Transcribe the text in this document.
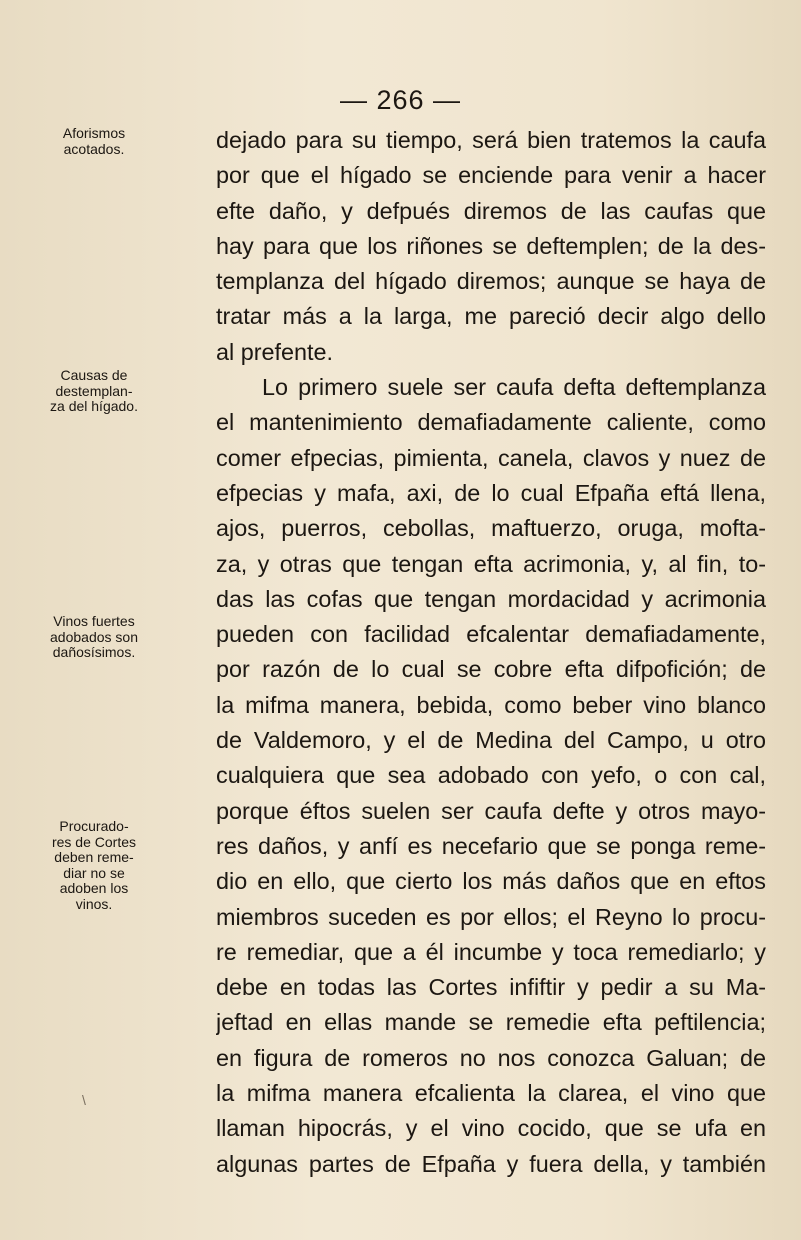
— 266 —
Aforismos
acotados.
Causas de
destemplan-
za del hígado.
Vinos fuertes
adobados son
dañosísimos.
Procurado-
res de Cortes
deben reme-
diar no se
adoben los
vinos.
dejado para su tiempo, será bien tratemos la caufa
por que el hígado se enciende para venir a hacer
efte daño, y defpués diremos de las caufas que
hay para que los riñones se deftemplen; de la des-
templanza del hígado diremos; aunque se haya de
tratar más a la larga, me pareció decir algo dello
al prefente.
Lo primero suele ser caufa defta deftemplanza
el mantenimiento demafiadamente caliente, como
comer efpecias, pimienta, canela, clavos y nuez de
efpecias y mafa, axi, de lo cual Efpaña eftá llena,
ajos, puerros, cebollas, maftuerzo, oruga, mofta-
za, y otras que tengan efta acrimonia, y, al fin, to-
das las cofas que tengan mordacidad y acrimonia
pueden con facilidad efcalentar demafiadamente,
por razón de lo cual se cobre efta difpofición; de
la mifma manera, bebida, como beber vino blanco
de Valdemoro, y el de Medina del Campo, u otro
cualquiera que sea adobado con yefo, o con cal,
porque éftos suelen ser caufa defte y otros mayo-
res daños, y anfí es necefario que se ponga reme-
dio en ello, que cierto los más daños que en eftos
miembros suceden es por ellos; el Reyno lo procu-
re remediar, que a él incumbe y toca remediarlo; y
debe en todas las Cortes infiftir y pedir a su Ma-
jeftad en ellas mande se remedie efta peftilencia;
en figura de romeros no nos conozca Galuan; de
la mifma manera efcalienta la clarea, el vino que
llaman hipocrás, y el vino cocido, que se ufa en
algunas partes de Efpaña y fuera della, y también
\
